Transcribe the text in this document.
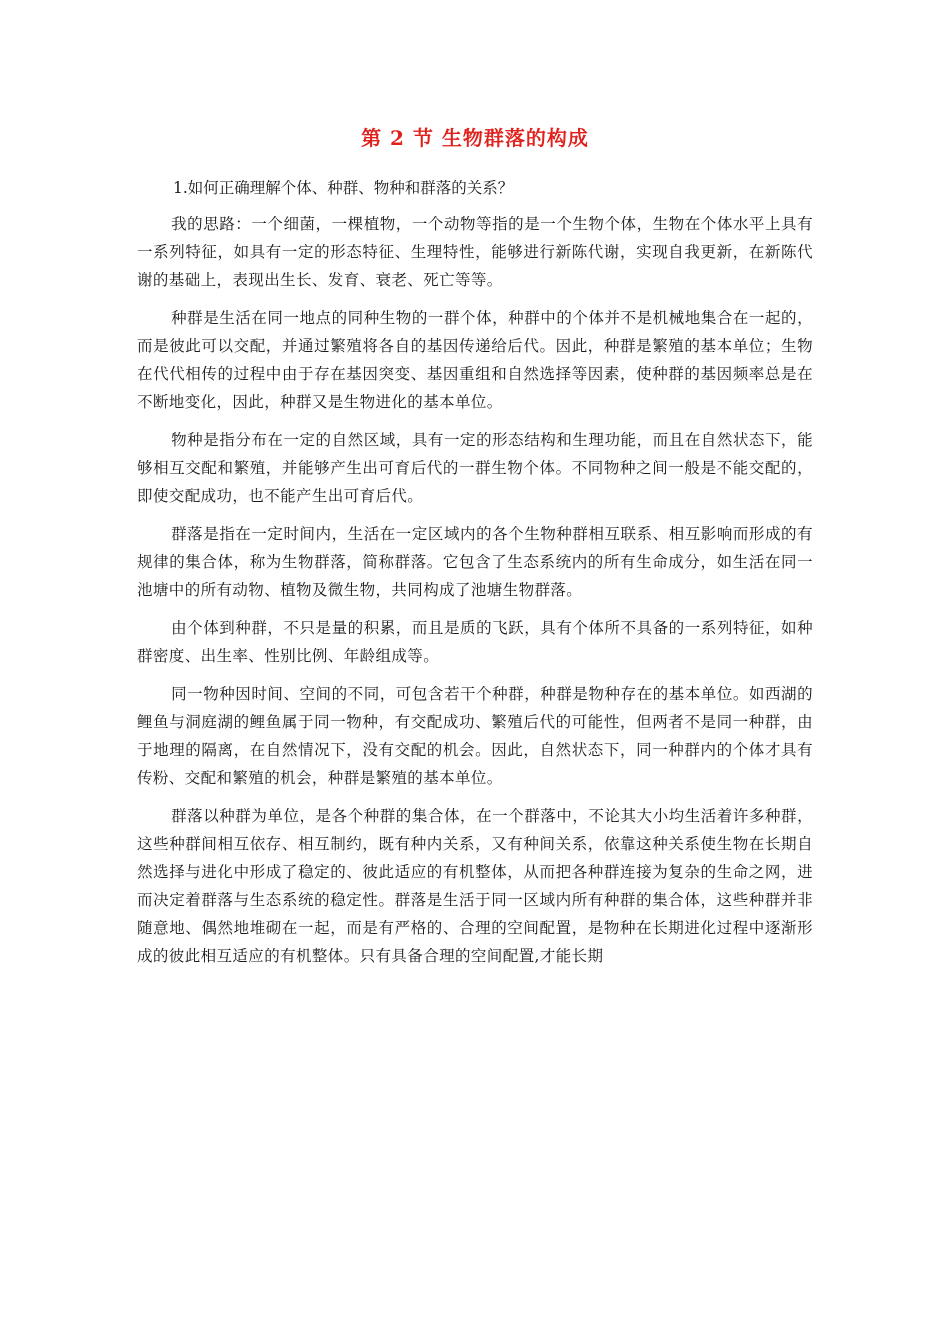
第 2 节 生物群落的构成

1.如何正确理解个体、种群、物种和群落的关系？

我的思路：一个细菌，一棵植物，一个动物等指的是一个生物个体，生物在个体水平上具有一系列特征，如具有一定的形态特征、生理特性，能够进行新陈代谢，实现自我更新，在新陈代谢的基础上，表现出生长、发育、衰老、死亡等等。

种群是生活在同一地点的同种生物的一群个体，种群中的个体并不是机械地集合在一起的，而是彼此可以交配，并通过繁殖将各自的基因传递给后代。因此，种群是繁殖的基本单位；生物在代代相传的过程中由于存在基因突变、基因重组和自然选择等因素，使种群的基因频率总是在不断地变化，因此，种群又是生物进化的基本单位。

物种是指分布在一定的自然区域，具有一定的形态结构和生理功能，而且在自然状态下，能够相互交配和繁殖，并能够产生出可育后代的一群生物个体。不同物种之间一般是不能交配的，即使交配成功，也不能产生出可育后代。

群落是指在一定时间内，生活在一定区域内的各个生物种群相互联系、相互影响而形成的有规律的集合体，称为生物群落，简称群落。它包含了生态系统内的所有生命成分，如生活在同一池塘中的所有动物、植物及微生物，共同构成了池塘生物群落。

由个体到种群，不只是量的积累，而且是质的飞跃，具有个体所不具备的一系列特征，如种群密度、出生率、性别比例、年龄组成等。

同一物种因时间、空间的不同，可包含若干个种群，种群是物种存在的基本单位。如西湖的鲤鱼与洞庭湖的鲤鱼属于同一物种，有交配成功、繁殖后代的可能性，但两者不是同一种群，由于地理的隔离，在自然情况下，没有交配的机会。因此，自然状态下，同一种群内的个体才具有传粉、交配和繁殖的机会，种群是繁殖的基本单位。

群落以种群为单位，是各个种群的集合体，在一个群落中，不论其大小均生活着许多种群，这些种群间相互依存、相互制约，既有种内关系，又有种间关系，依靠这种关系使生物在长期自然选择与进化中形成了稳定的、彼此适应的有机整体，从而把各种群连接为复杂的生命之网，进而决定着群落与生态系统的稳定性。群落是生活于同一区域内所有种群的集合体，这些种群并非随意地、偶然地堆砌在一起，而是有严格的、合理的空间配置，是物种在长期进化过程中逐渐形成的彼此相互适应的有机整体。只有具备合理的空间配置,才能长期
